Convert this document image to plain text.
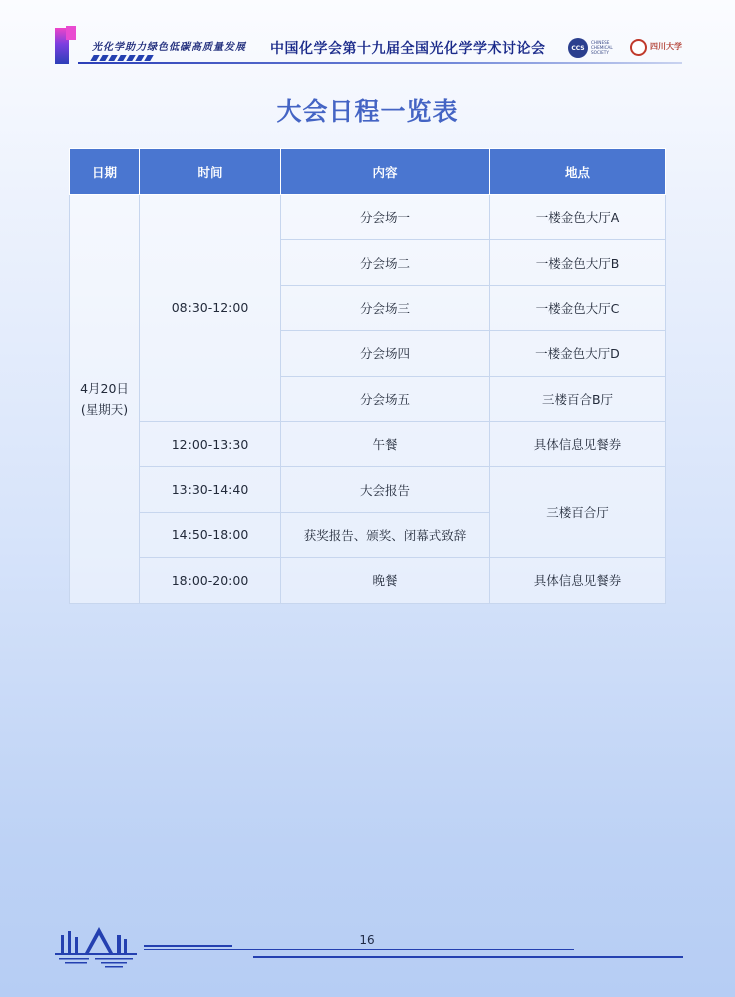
光化学助力绿色低碳高质量发展 中国化学会第十九届全国光化学学术讨论会	CCS
CHINESE CHEMICAL SOCIETY
四川大学
大会日程一览表
日期	时间	内容	地点

4月20日
(星期天)	08:30-12:00	分会场一	一楼金色大厅A
		分会场二	一楼金色大厅B
		分会场三	一楼金色大厅C
		分会场四	一楼金色大厅D
		分会场五	三楼百合B厅
	12:00-13:30	午餐	具体信息见餐券
	13:30-14:40	大会报告	三楼百合厅
	14:50-18:00	获奖报告、颁奖、闭幕式致辞	
	18:00-20:00	晚餐	具体信息见餐券
16
